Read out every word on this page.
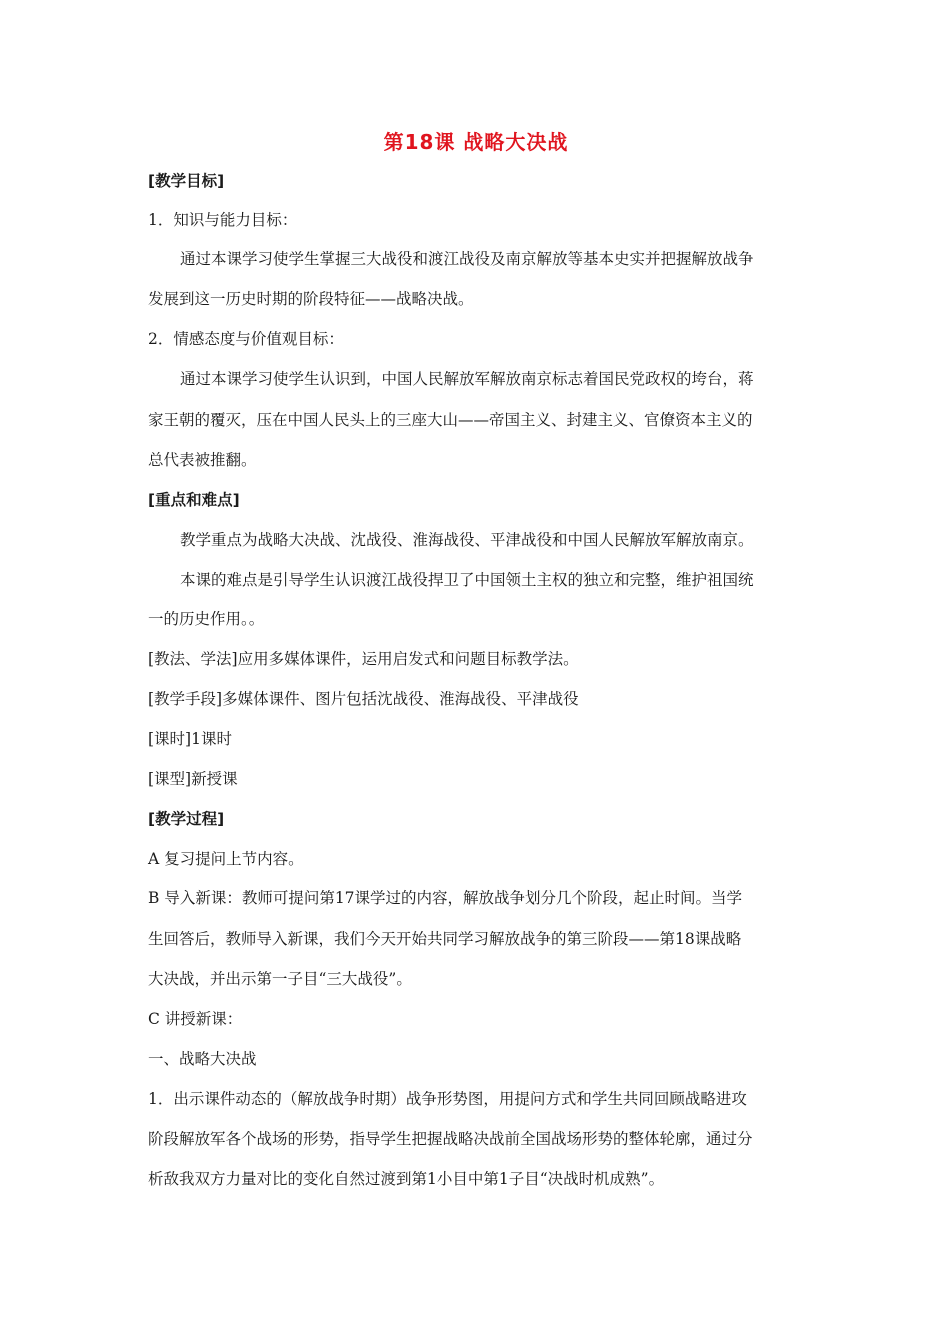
第18课 战略大决战
[教学目标]
1．知识与能力目标：
通过本课学习使学生掌握三大战役和渡江战役及南京解放等基本史实并把握解放战争
发展到这一历史时期的阶段特征——战略决战。
2．情感态度与价值观目标：
通过本课学习使学生认识到，中国人民解放军解放南京标志着国民党政权的垮台，蒋
家王朝的覆灭，压在中国人民头上的三座大山——帝国主义、封建主义、官僚资本主义的
总代表被推翻。
[重点和难点]
教学重点为战略大决战、沈战役、淮海战役、平津战役和中国人民解放军解放南京。
本课的难点是引导学生认识渡江战役捍卫了中国领土主权的独立和完整，维护祖国统
一的历史作用。。
[教法、学法]应用多媒体课件，运用启发式和问题目标教学法。
[教学手段]多媒体课件、图片包括沈战役、淮海战役、平津战役
[课时]1课时
[课型]新授课
[教学过程]
A 复习提问上节内容。
B 导入新课：教师可提问第17课学过的内容，解放战争划分几个阶段，起止时间。当学
生回答后，教师导入新课，我们今天开始共同学习解放战争的第三阶段——第18课战略
大决战，并出示第一子目“三大战役”。
C 讲授新课：
一、战略大决战
1．出示课件动态的（解放战争时期）战争形势图，用提问方式和学生共同回顾战略进攻
阶段解放军各个战场的形势，指导学生把握战略决战前全国战场形势的整体轮廓，通过分
析敌我双方力量对比的变化自然过渡到第1小目中第1子目“决战时机成熟”。
